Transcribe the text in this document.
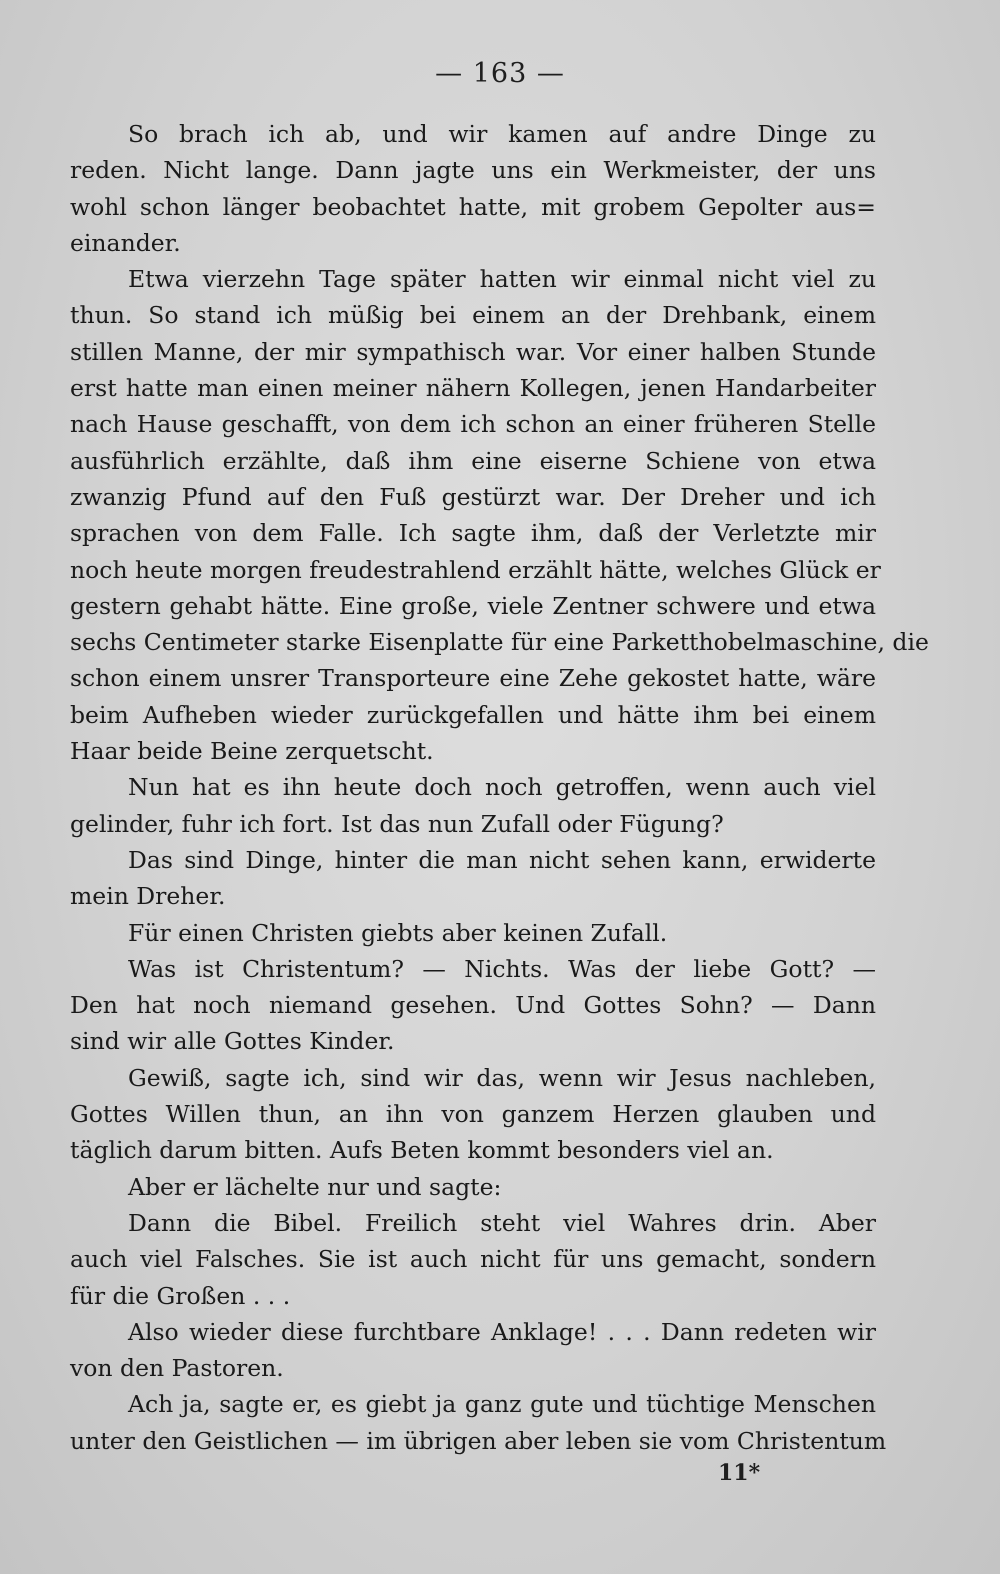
— 163 —
So brach ich ab, und wir kamen auf andre Dinge zu
reden. Nicht lange. Dann jagte uns ein Werkmeister, der uns
wohl schon länger beobachtet hatte, mit grobem Gepolter aus=
einander.
Etwa vierzehn Tage später hatten wir einmal nicht viel zu
thun. So stand ich müßig bei einem an der Drehbank, einem
stillen Manne, der mir sympathisch war. Vor einer halben Stunde
erst hatte man einen meiner nähern Kollegen, jenen Handarbeiter
nach Hause geschafft, von dem ich schon an einer früheren Stelle
ausführlich erzählte, daß ihm eine eiserne Schiene von etwa
zwanzig Pfund auf den Fuß gestürzt war. Der Dreher und ich
sprachen von dem Falle. Ich sagte ihm, daß der Verletzte mir
noch heute morgen freudestrahlend erzählt hätte, welches Glück er
gestern gehabt hätte. Eine große, viele Zentner schwere und etwa
sechs Centimeter starke Eisenplatte für eine Parketthobelmaschine, die
schon einem unsrer Transporteure eine Zehe gekostet hatte, wäre
beim Aufheben wieder zurückgefallen und hätte ihm bei einem
Haar beide Beine zerquetscht.
Nun hat es ihn heute doch noch getroffen, wenn auch viel
gelinder, fuhr ich fort. Ist das nun Zufall oder Fügung?
Das sind Dinge, hinter die man nicht sehen kann, erwiderte
mein Dreher.
Für einen Christen giebts aber keinen Zufall.
Was ist Christentum? — Nichts. Was der liebe Gott? —
Den hat noch niemand gesehen. Und Gottes Sohn? — Dann
sind wir alle Gottes Kinder.
Gewiß, sagte ich, sind wir das, wenn wir Jesus nachleben,
Gottes Willen thun, an ihn von ganzem Herzen glauben und
täglich darum bitten. Aufs Beten kommt besonders viel an.
Aber er lächelte nur und sagte:
Dann die Bibel. Freilich steht viel Wahres drin. Aber
auch viel Falsches. Sie ist auch nicht für uns gemacht, sondern
für die Großen . . .
Also wieder diese furchtbare Anklage! . . . Dann redeten wir
von den Pastoren.
Ach ja, sagte er, es giebt ja ganz gute und tüchtige Menschen
unter den Geistlichen — im übrigen aber leben sie vom Christentum
11*
